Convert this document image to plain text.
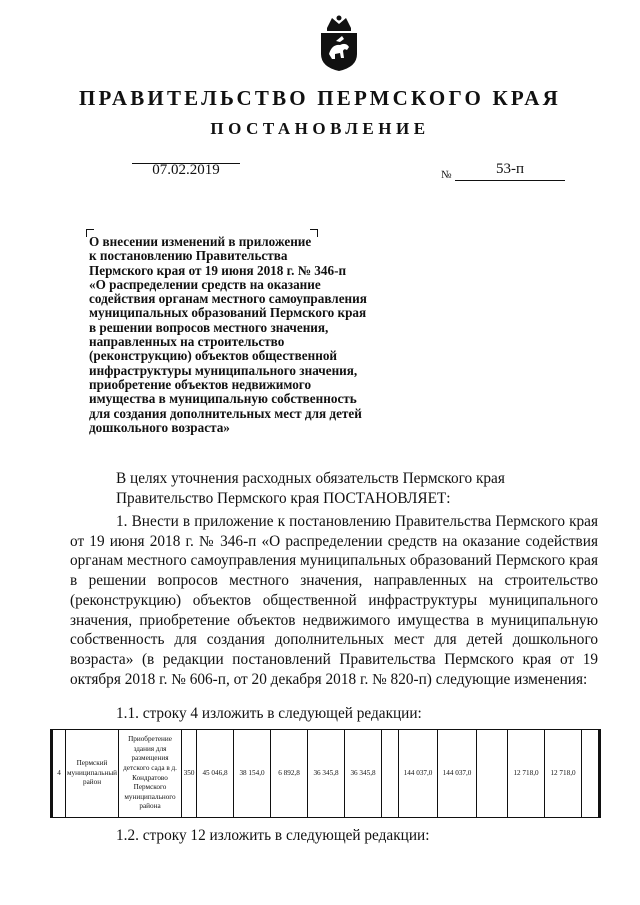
ПРАВИТЕЛЬСТВО ПЕРМСКОГО КРАЯ
ПОСТАНОВЛЕНИЕ
07.02.2019	№	53-п
О внесении изменений в приложение
к постановлению Правительства
Пермского края от 19 июня 2018 г. № 346-п
«О распределении средств на оказание
содействия органам местного самоуправления
муниципальных образований Пермского края
в решении вопросов местного значения,
направленных на строительство
(реконструкцию) объектов общественной
инфраструктуры муниципального значения,
приобретение объектов недвижимого
имущества в муниципальную собственность
для создания дополнительных мест для детей
дошкольного возраста»
В целях уточнения расходных обязательств Пермского края
Правительство Пермского края ПОСТАНОВЛЯЕТ:
1. Внести в приложение к постановлению Правительства Пермского края от 19 июня 2018 г. № 346-п «О распределении средств на оказание содействия органам местного самоуправления муниципальных образований Пермского края в решении вопросов местного значения, направленных на строительство (реконструкцию) объектов общественной инфраструктуры муниципального значения, приобретение объектов недвижимого имущества в муниципальную собственность для создания дополнительных мест для детей дошкольного возраста» (в редакции постановлений Правительства Пермского края от 19 октября 2018 г. № 606-п, от 20 декабря 2018 г. № 820-п) следующие изменения:
1.1. строку 4 изложить в следующей редакции:
4	Пермский муниципальный район	Приобретение здания для размещения детского сада в д. Кондратово Пермского муниципального района	350	45 046,8	38 154,0	6 892,8	36 345,8	36 345,8		144 037,0	144 037,0		12 718,0	12 718,0	
1.2. строку 12 изложить в следующей редакции:
